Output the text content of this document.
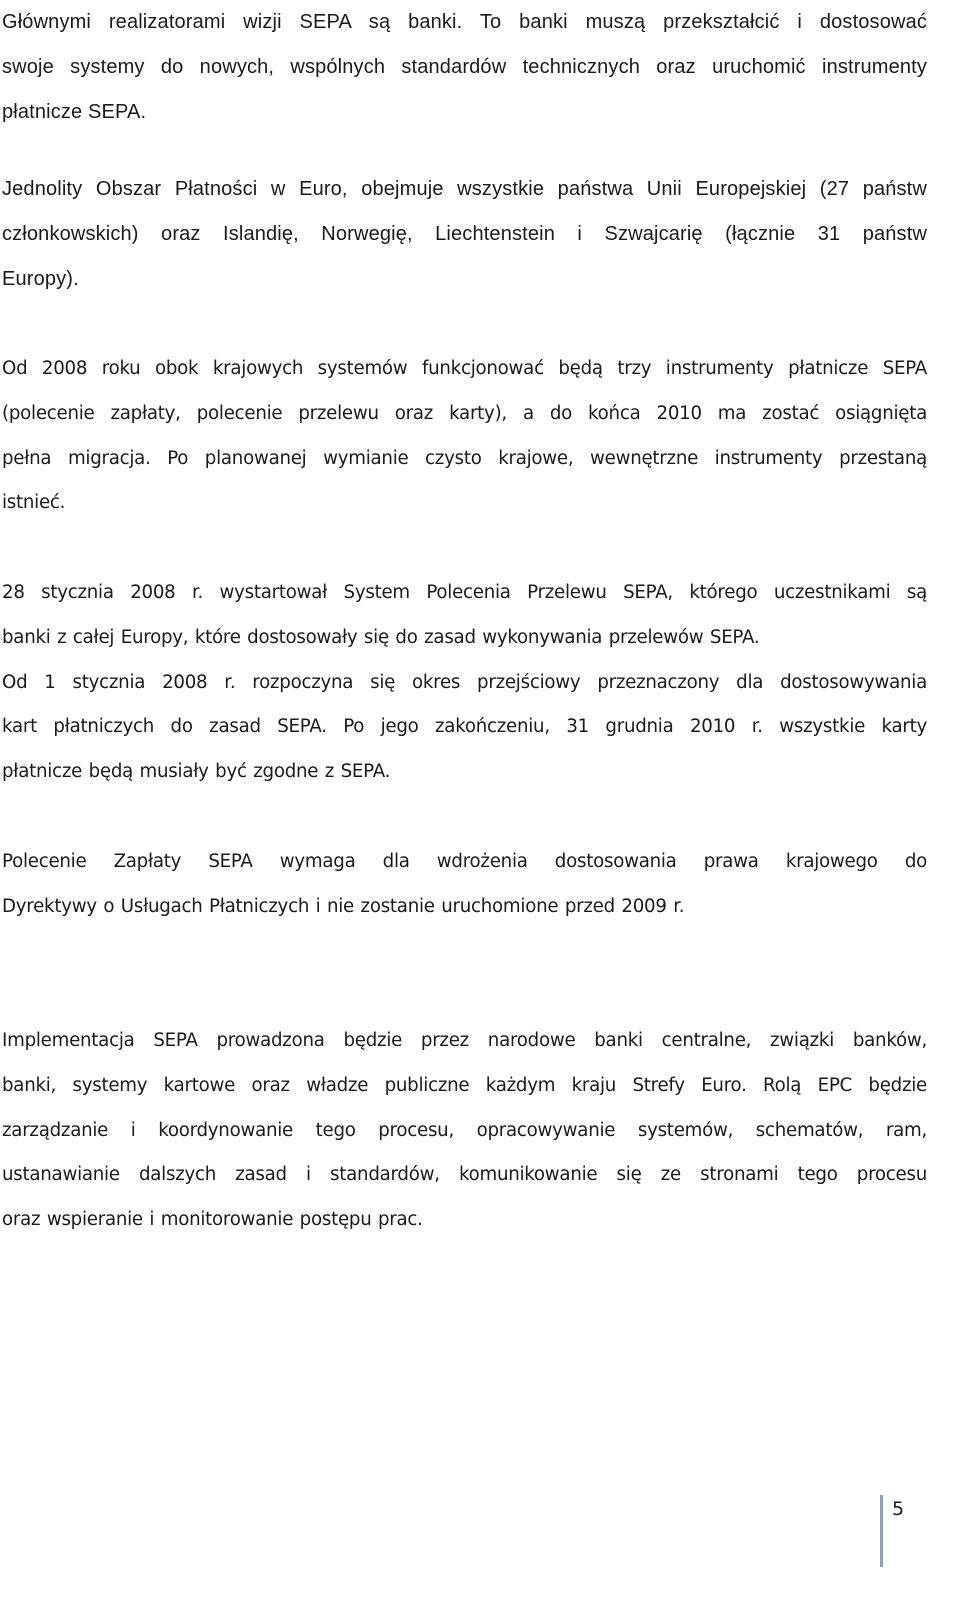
Głównymi realizatorami wizji SEPA są banki. To banki muszą przekształcić i dostosować
swoje systemy do nowych, wspólnych standardów technicznych oraz uruchomić instrumenty
płatnicze SEPA.

Jednolity Obszar Płatności w Euro, obejmuje wszystkie państwa Unii Europejskiej (27 państw
członkowskich) oraz Islandię, Norwegię, Liechtenstein i Szwajcarię (łącznie 31 państw
Europy).

Od 2008 roku obok krajowych systemów funkcjonować będą trzy instrumenty płatnicze SEPA
(polecenie zapłaty, polecenie przelewu oraz karty), a do końca 2010 ma zostać osiągnięta
pełna migracja. Po planowanej wymianie czysto krajowe, wewnętrzne instrumenty przestaną
istnieć.

28 stycznia 2008 r. wystartował System Polecenia Przelewu SEPA, którego uczestnikami są
banki z całej Europy, które dostosowały się do zasad wykonywania przelewów SEPA.
Od 1 stycznia 2008 r. rozpoczyna się okres przejściowy przeznaczony dla dostosowywania
kart płatniczych do zasad SEPA. Po jego zakończeniu, 31 grudnia 2010 r. wszystkie karty
płatnicze będą musiały być zgodne z SEPA.

Polecenie Zapłaty SEPA wymaga dla wdrożenia dostosowania prawa krajowego do
Dyrektywy o Usługach Płatniczych i nie zostanie uruchomione przed 2009 r.

Implementacja SEPA prowadzona będzie przez narodowe banki centralne, związki banków,
banki, systemy kartowe oraz władze publiczne każdym kraju Strefy Euro. Rolą EPC będzie
zarządzanie i koordynowanie tego procesu, opracowywanie systemów, schematów, ram,
ustanawianie dalszych zasad i standardów, komunikowanie się ze stronami tego procesu
oraz wspieranie i monitorowanie postępu prac.

5
